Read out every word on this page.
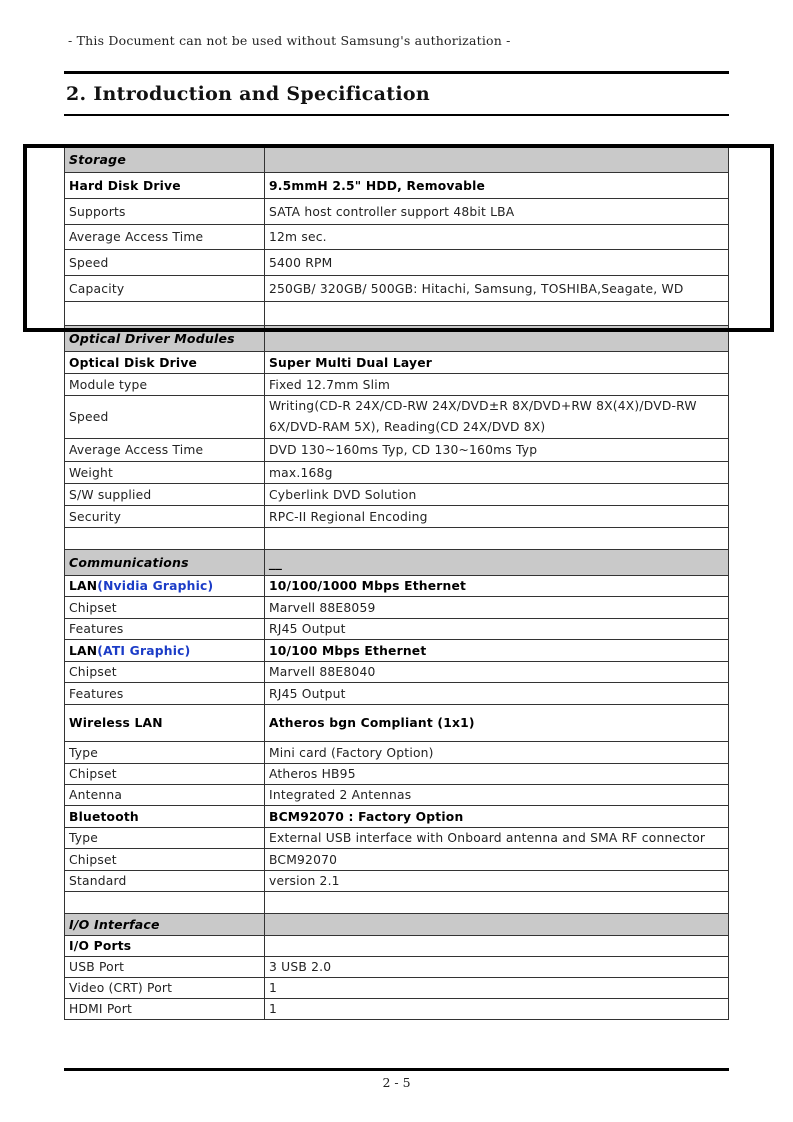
- This Document can not be used without Samsung's authorization -
2. Introduction and Specification
Storage	
Hard Disk Drive	9.5mmH 2.5" HDD, Removable
Supports	SATA host controller support 48bit LBA
Average Access Time	12m sec.
Speed	5400 RPM
Capacity	250GB/ 320GB/ 500GB: Hitachi, Samsung, TOSHIBA,Seagate, WD

Optical Driver Modules	
Optical Disk Drive	Super Multi Dual Layer
Module type	Fixed 12.7mm Slim
Speed	Writing(CD-R 24X/CD-RW 24X/DVD±R 8X/DVD+RW 8X(4X)/DVD-RW 6X/DVD-RAM 5X), Reading(CD 24X/DVD 8X)
Average Access Time	DVD 130~160ms Typ, CD 130~160ms Typ
Weight	max.168g
S/W supplied	Cyberlink DVD Solution
Security	RPC-II Regional Encoding

Communications	__
LAN(Nvidia Graphic)	10/100/1000 Mbps Ethernet
Chipset	Marvell 88E8059
Features	RJ45 Output
LAN(ATI Graphic)	10/100 Mbps Ethernet
Chipset	Marvell 88E8040
Features	RJ45 Output
Wireless LAN	Atheros bgn Compliant (1x1)
Type	Mini card (Factory Option)
Chipset	Atheros HB95
Antenna	Integrated 2 Antennas
Bluetooth	BCM92070 : Factory Option
Type	External USB interface with Onboard antenna and SMA RF connector
Chipset	BCM92070
Standard	version 2.1

I/O Interface	
I/O Ports	
USB Port	3 USB 2.0
Video (CRT) Port	1
HDMI Port	1
2 - 5
